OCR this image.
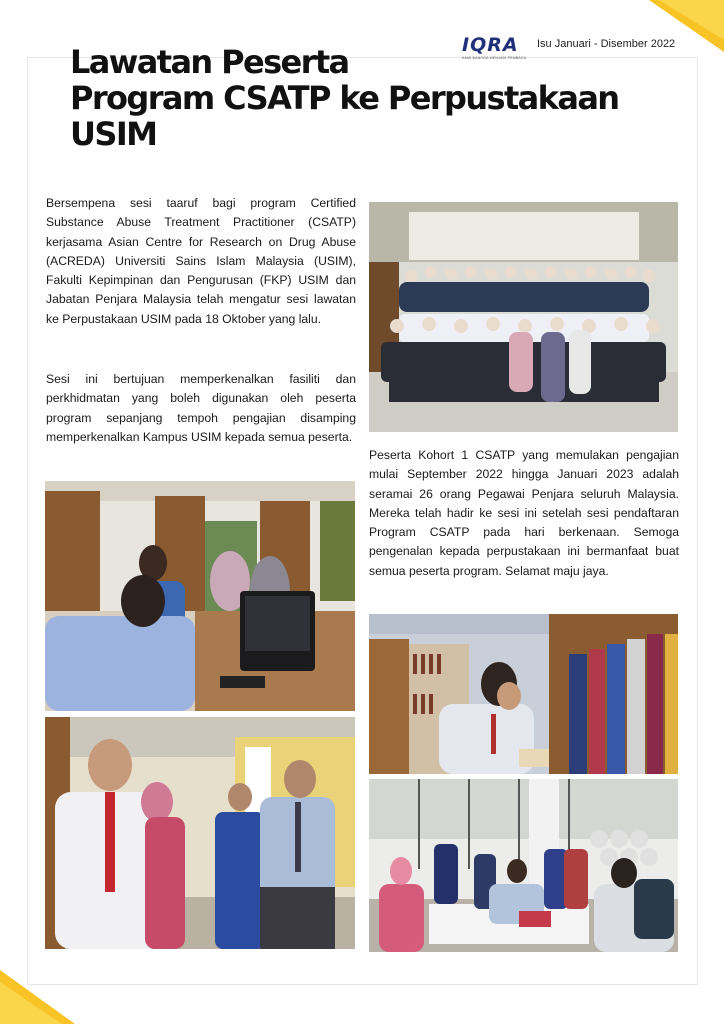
IQRA
KAMI BANGGA MENJADI PEMBACA
Isu Januari - Disember 2022
Lawatan Peserta
Program CSATP ke Perpustakaan
USIM

Bersempena sesi taaruf bagi program Certified Substance Abuse Treatment Practitioner (CSATP) kerjasama Asian Centre for Research on Drug Abuse (ACREDA) Universiti Sains Islam Malaysia (USIM), Fakulti Kepimpinan dan Pengurusan (FKP) USIM dan Jabatan Penjara Malaysia telah mengatur sesi lawatan ke Perpustakaan USIM pada 18 Oktober yang lalu.

Sesi ini bertujuan memperkenalkan fasiliti dan perkhidmatan yang boleh digunakan oleh peserta program sepanjang tempoh pengajian disamping memperkenalkan Kampus USIM kepada semua peserta.

Peserta Kohort 1 CSATP yang memulakan pengajian mulai September 2022 hingga Januari 2023 adalah seramai 26 orang Pegawai Penjara seluruh Malaysia. Mereka telah hadir ke sesi ini setelah sesi pendaftaran Program CSATP pada hari berkenaan. Semoga pengenalan kepada perpustakaan ini bermanfaat buat semua peserta program. Selamat maju jaya.
